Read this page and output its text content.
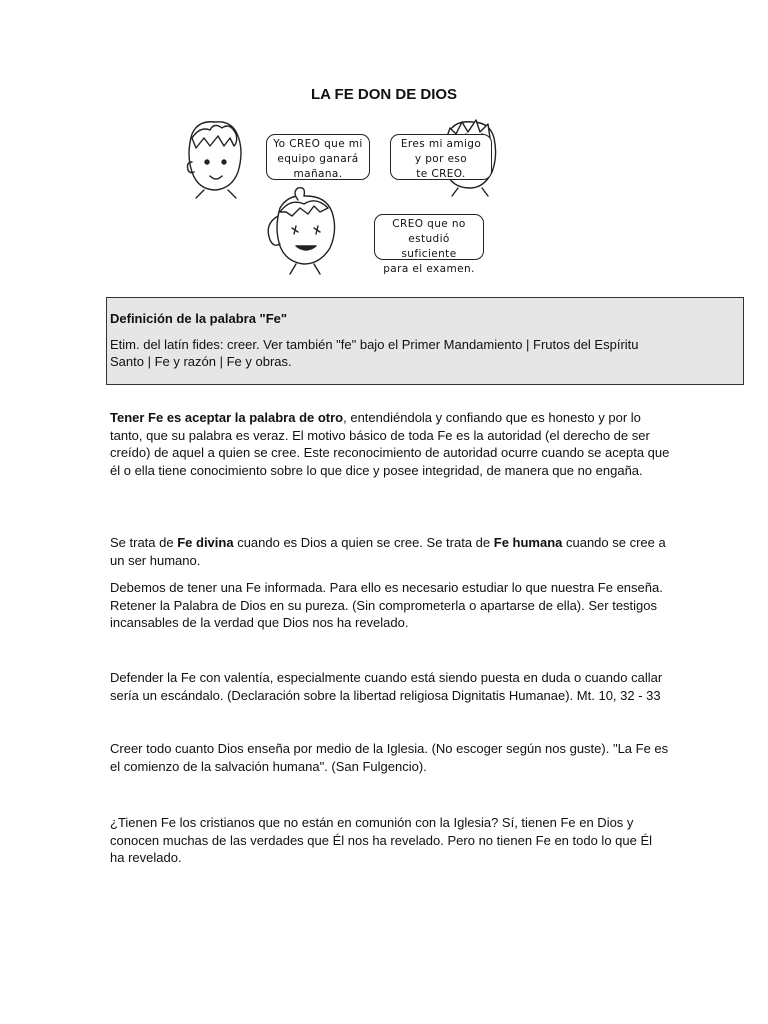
LA FE DON DE DIOS
Yo CREO que mi
equipo ganará
mañana.
Eres mi amigo
y por eso
te CREO.
CREO que no
estudió suficiente
para el examen.
Definición de la palabra "Fe"
Etim. del latín fides: creer. Ver también "fe" bajo el Primer Mandamiento | Frutos del Espíritu
Santo | Fe y razón | Fe y obras.
Tener Fe es aceptar la palabra de otro, entendiéndola y confiando que es honesto y por lo tanto, que su palabra es veraz. El motivo básico de toda Fe es la autoridad (el derecho de ser creído) de aquel a quien se cree. Este reconocimiento de autoridad ocurre cuando se acepta que él o ella tiene conocimiento sobre lo que dice y posee integridad, de manera que no engaña.
Se trata de Fe divina cuando es Dios a quien se cree. Se trata de Fe humana cuando se cree a un ser humano.
Debemos de tener una Fe informada. Para ello es necesario estudiar lo que nuestra Fe enseña. Retener la Palabra de Dios en su pureza. (Sin comprometerla o apartarse de ella). Ser testigos incansables de la verdad que Dios nos ha revelado.
Defender la Fe con valentía, especialmente cuando está siendo puesta en duda o cuando callar sería un escándalo. (Declaración sobre la libertad religiosa Dignitatis Humanae). Mt. 10, 32 - 33
Creer todo cuanto Dios enseña por medio de la Iglesia. (No escoger según nos guste). "La Fe es el comienzo de la salvación humana". (San Fulgencio).
¿Tienen Fe los cristianos que no están en comunión con la Iglesia? Sí, tienen Fe en Dios y conocen muchas de las verdades que Él nos ha revelado. Pero no tienen Fe en todo lo que Él ha revelado.
